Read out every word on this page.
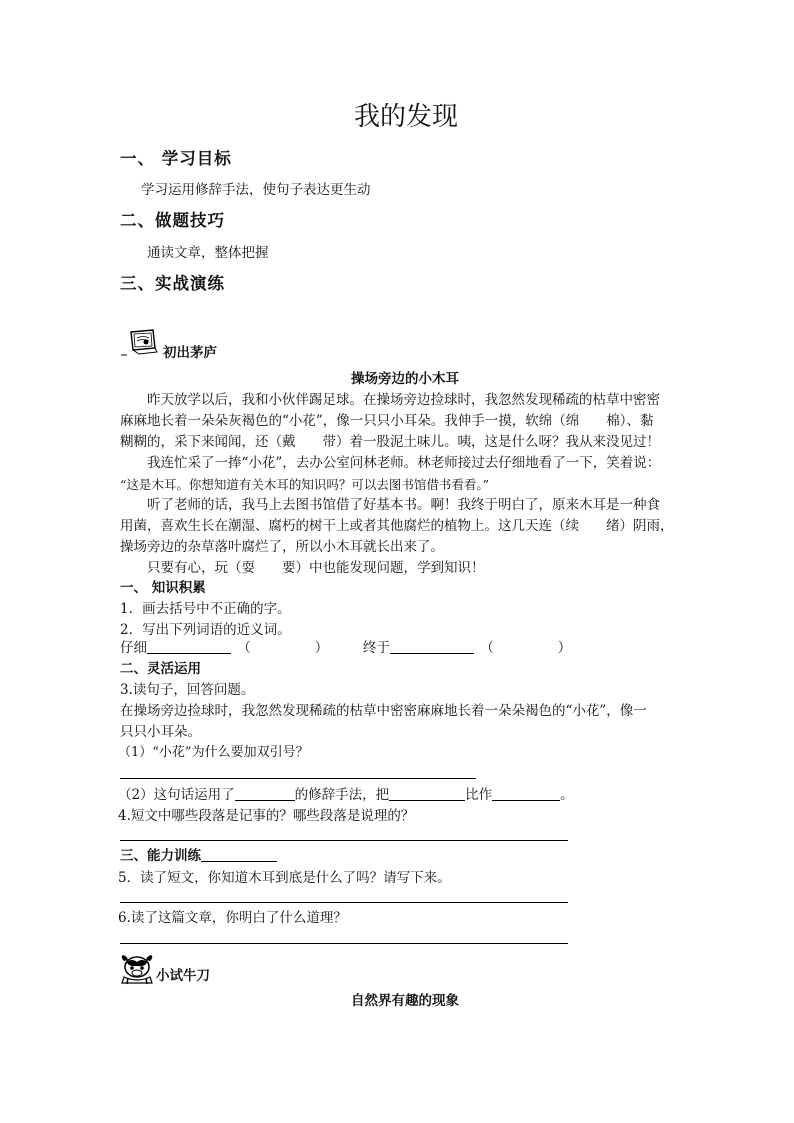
我的发现
一、 学习目标
学习运用修辞手法，使句子表达更生动
二、做题技巧
通读文章，整体把握
三、实战演练
初出茅庐
操场旁边的小木耳
昨天放学以后，我和小伙伴踢足球。在操场旁边捡球时，我忽然发现稀疏的枯草中密密
麻麻地长着一朵朵灰褐色的“小花”，像一只只小耳朵。我伸手一摸，软绵（绵　　棉）、黏
糊糊的，采下来闻闻，还（戴　　带）着一股泥土味儿。咦，这是什么呀？我从来没见过！
我连忙采了一捧“小花”，去办公室问林老师。林老师接过去仔细地看了一下，笑着说：
“这是木耳。你想知道有关木耳的知识吗？可以去图书馆借书看看。”
听了老师的话，我马上去图书馆借了好基本书。啊！我终于明白了，原来木耳是一种食
用菌，喜欢生长在潮湿、腐朽的树干上或者其他腐烂的植物上。这几天连（续　　绪）阴雨，
操场旁边的杂草落叶腐烂了，所以小木耳就长出来了。
只要有心，玩（耍　　要）中也能发现问题，学到知识！
一、 知识积累
1．画去括号中不正确的字。
2．写出下列词语的近义词。
仔细	（	）	终于	（	）
二、灵活运用
3.读句子，回答问题。
在操场旁边捡球时，我忽然发现稀疏的枯草中密密麻麻地长着一朵朵褐色的“小花”，像一
只只小耳朵。
（1）“小花”为什么要加双引号？
（2）这句话运用了	的修辞手法，把	比作	。
4.短文中哪些段落是记事的？哪些段落是说理的？
三、能力训练
5．读了短文，你知道木耳到底是什么了吗？请写下来。
6.读了这篇文章，你明白了什么道理？
小试牛刀
自然界有趣的现象
